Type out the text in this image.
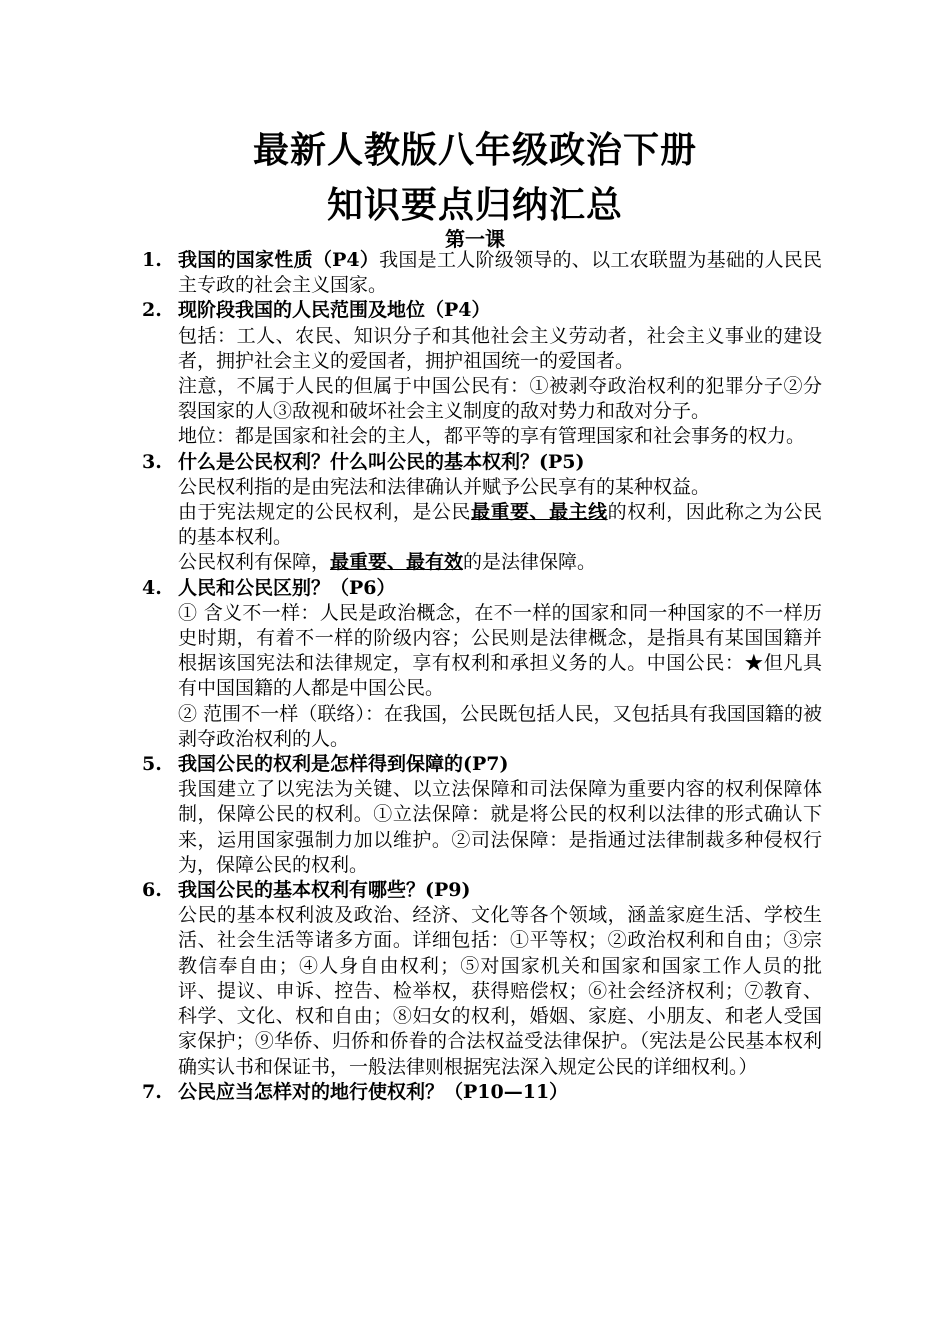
最新人教版八年级政治下册
知识要点归纳汇总
第一课
1. 我国的国家性质（P4）我国是工人阶级领导的、以工农联盟为基础的人民民主专政的社会主义国家。

2. 现阶段我国的人民范围及地位（P4）

包括：工人、农民、知识分子和其他社会主义劳动者，社会主义事业的建设者，拥护社会主义的爱国者，拥护祖国统一的爱国者。

注意，不属于人民的但属于中国公民有：①被剥夺政治权利的犯罪分子②分裂国家的人③敌视和破坏社会主义制度的敌对势力和敌对分子。

地位：都是国家和社会的主人，都平等的享有管理国家和社会事务的权力。

3. 什么是公民权利？什么叫公民的基本权利？(P5)

公民权利指的是由宪法和法律确认并赋予公民享有的某种权益。

由于宪法规定的公民权利，是公民最重要、最主线的权利，因此称之为公民的基本权利。

公民权利有保障，最重要、最有效的是法律保障。

4. 人民和公民区别？（P6）

① 含义不一样：人民是政治概念，在不一样的国家和同一种国家的不一样历史时期，有着不一样的阶级内容；公民则是法律概念，是指具有某国国籍并根据该国宪法和法律规定，享有权利和承担义务的人。中国公民：★但凡具有中国国籍的人都是中国公民。

② 范围不一样（联络）：在我国，公民既包括人民，又包括具有我国国籍的被剥夺政治权利的人。

5. 我国公民的权利是怎样得到保障的(P7)

我国建立了以宪法为关键、以立法保障和司法保障为重要内容的权利保障体制，保障公民的权利。①立法保障：就是将公民的权利以法律的形式确认下来，运用国家强制力加以维护。②司法保障：是指通过法律制裁多种侵权行为，保障公民的权利。

6. 我国公民的基本权利有哪些？(P9)

公民的基本权利波及政治、经济、文化等各个领域，涵盖家庭生活、学校生活、社会生活等诸多方面。详细包括：①平等权；②政治权利和自由；③宗教信奉自由；④人身自由权利；⑤对国家机关和国家和国家工作人员的批评、提议、申诉、控告、检举权，获得赔偿权；⑥社会经济权利；⑦教育、科学、文化、权和自由；⑧妇女的权利，婚姻、家庭、小朋友、和老人受国家保护；⑨华侨、归侨和侨眷的合法权益受法律保护。（宪法是公民基本权利确实认书和保证书，一般法律则根据宪法深入规定公民的详细权利。）

7. 公民应当怎样对的地行使权利？（P10—11）
